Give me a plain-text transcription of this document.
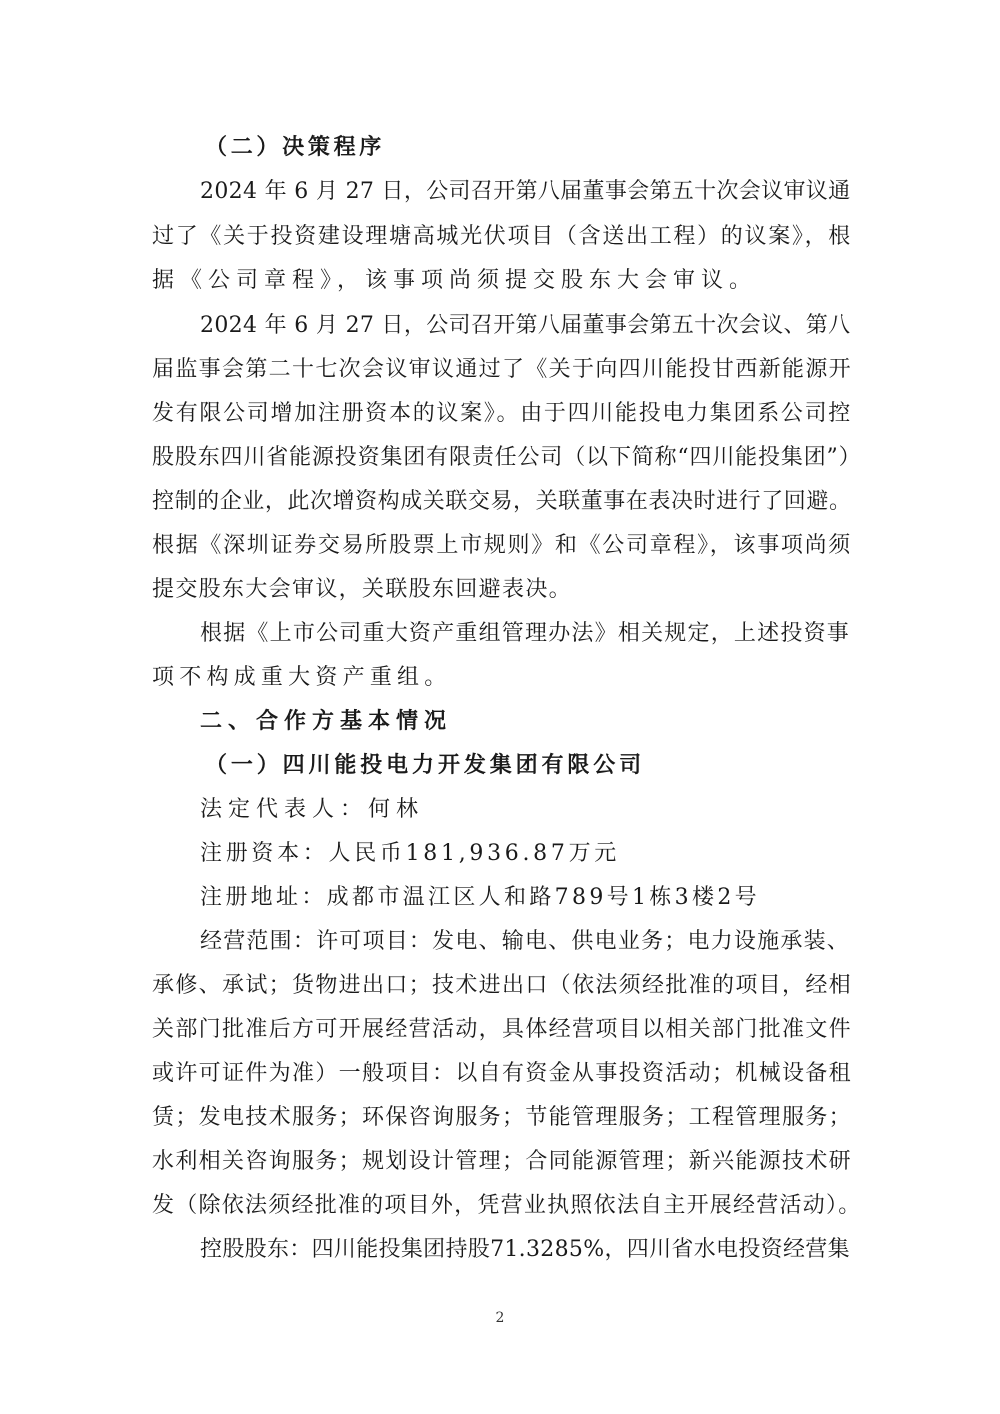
（二）决策程序
2024 年 6 月 27 日，公司召开第八届董事会第五十次会议审议通
过了《关于投资建设理塘高城光伏项目（含送出工程）的议案》，根
据《公司章程》，该事项尚须提交股东大会审议。
2024 年 6 月 27 日，公司召开第八届董事会第五十次会议、第八
届监事会第二十七次会议审议通过了《关于向四川能投甘西新能源开
发有限公司增加注册资本的议案》。由于四川能投电力集团系公司控
股股东四川省能源投资集团有限责任公司（以下简称“四川能投集团”）
控制的企业，此次增资构成关联交易，关联董事在表决时进行了回避。
根据《深圳证券交易所股票上市规则》和《公司章程》，该事项尚须
提交股东大会审议，关联股东回避表决。
根据《上市公司重大资产重组管理办法》相关规定，上述投资事
项不构成重大资产重组。
二、合作方基本情况
（一）四川能投电力开发集团有限公司
法定代表人：何林
注册资本：人民币181,936.87万元
注册地址：成都市温江区人和路789号1栋3楼2号
经营范围：许可项目：发电、输电、供电业务；电力设施承装、
承修、承试；货物进出口；技术进出口（依法须经批准的项目，经相
关部门批准后方可开展经营活动，具体经营项目以相关部门批准文件
或许可证件为准）一般项目：以自有资金从事投资活动；机械设备租
赁；发电技术服务；环保咨询服务；节能管理服务；工程管理服务；
水利相关咨询服务；规划设计管理；合同能源管理；新兴能源技术研
发（除依法须经批准的项目外，凭营业执照依法自主开展经营活动）。
控股股东：四川能投集团持股71.3285%，四川省水电投资经营集
2
